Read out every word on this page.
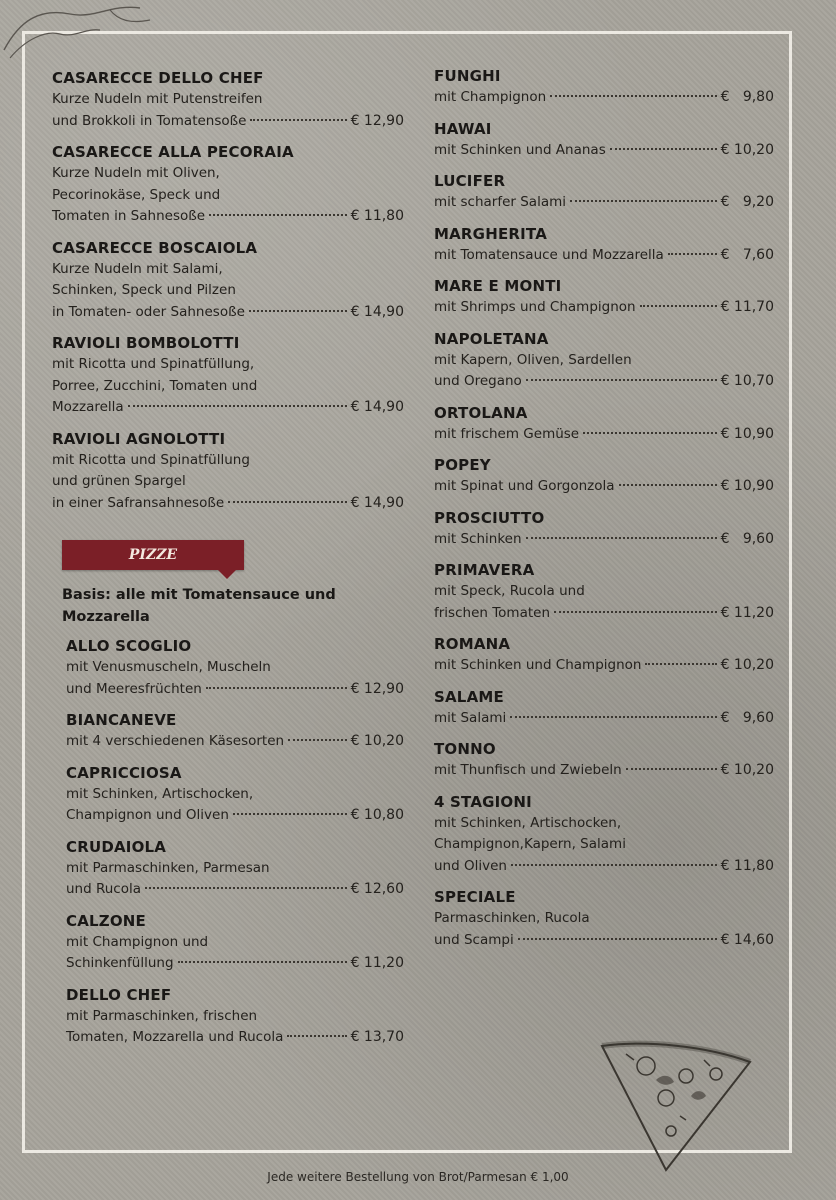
CASARECCE DELLO CHEF
Kurze Nudeln mit Putenstreifen
und Brokkoli in Tomatensoße	€ 12,90
CASARECCE ALLA PECORAIA
Kurze Nudeln mit Oliven,
Pecorinokäse, Speck und
Tomaten in Sahnesoße	€ 11,80
CASARECCE BOSCAIOLA
Kurze Nudeln mit Salami,
Schinken, Speck und Pilzen
in Tomaten- oder Sahnesoße	€ 14,90
RAVIOLI BOMBOLOTTI
mit Ricotta und Spinatfüllung,
Porree, Zucchini, Tomaten und
Mozzarella	€ 14,90
RAVIOLI AGNOLOTTI
mit Ricotta und Spinatfüllung
und grünen Spargel
in einer Safransahnesoße	€ 14,90
PIZZE
Basis: alle mit Tomatensauce und Mozzarella
ALLO SCOGLIO
mit Venusmuscheln, Muscheln
und Meeresfrüchten	€ 12,90
BIANCANEVE
mit 4 verschiedenen Käsesorten	€ 10,20
CAPRICCIOSA
mit Schinken, Artischocken,
Champignon und Oliven	€ 10,80
CRUDAIOLA
mit Parmaschinken, Parmesan
und Rucola	€ 12,60
CALZONE
mit Champignon und
Schinkenfüllung	€ 11,20
DELLO CHEF
mit Parmaschinken, frischen
Tomaten, Mozzarella und Rucola	€ 13,70
FUNGHI
mit Champignon	€   9,80
HAWAI
mit Schinken und Ananas	€ 10,20
LUCIFER
mit scharfer Salami	€   9,20
MARGHERITA
mit Tomatensauce und Mozzarella	€   7,60
MARE E MONTI
mit Shrimps und Champignon	€ 11,70
NAPOLETANA
mit Kapern, Oliven, Sardellen
und Oregano	€ 10,70
ORTOLANA
mit frischem Gemüse	€ 10,90
POPEY
mit Spinat und Gorgonzola	€ 10,90
PROSCIUTTO
mit Schinken	€   9,60
PRIMAVERA
mit Speck, Rucola und
frischen Tomaten	€ 11,20
ROMANA
mit Schinken und Champignon	€ 10,20
SALAME
mit Salami	€   9,60
TONNO
mit Thunfisch und Zwiebeln	€ 10,20
4 STAGIONI
mit Schinken, Artischocken,
Champignon,Kapern, Salami
und Oliven	€ 11,80
SPECIALE
Parmaschinken, Rucola
und Scampi	€ 14,60
Jede weitere Bestellung von Brot/Parmesan € 1,00
